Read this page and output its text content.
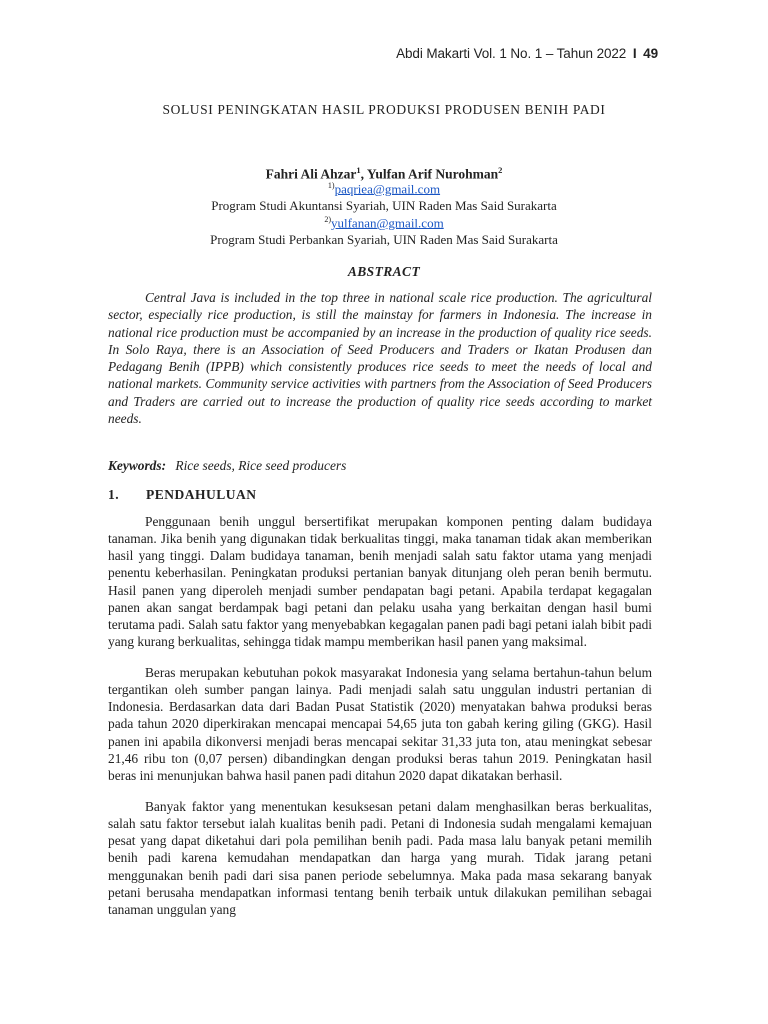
Abdi Makarti Vol. 1 No. 1 – Tahun 2022 I 49
SOLUSI PENINGKATAN HASIL PRODUKSI PRODUSEN BENIH PADI
Fahri Ali Ahzar$^1$, Yulfan Arif Nurohman$^2$
$^{1)}$paqriea@gmail.com
Program Studi Akuntansi Syariah, UIN Raden Mas Said Surakarta
$^{2)}$yulfanan@gmail.com
Program Studi Perbankan Syariah, UIN Raden Mas Said Surakarta
ABSTRACT

Central Java is included in the top three in national scale rice production. The agricultural sector, especially rice production, is still the mainstay for farmers in Indonesia. The increase in national rice production must be accompanied by an increase in the production of quality rice seeds. In Solo Raya, there is an Association of Seed Producers and Traders or Ikatan Produsen dan Pedagang Benih (IPPB) which consistently produces rice seeds to meet the needs of local and national markets. Community service activities with partners from the Association of Seed Producers and Traders are carried out to increase the production of quality rice seeds according to market needs.

Keywords: Rice seeds, Rice seed producers
1. PENDAHULUAN

Penggunaan benih unggul bersertifikat merupakan komponen penting dalam budidaya tanaman. Jika benih yang digunakan tidak berkualitas tinggi, maka tanaman tidak akan memberikan hasil yang tinggi. Dalam budidaya tanaman, benih menjadi salah satu faktor utama yang menjadi penentu keberhasilan. Peningkatan produksi pertanian banyak ditunjang oleh peran benih bermutu. Hasil panen yang diperoleh menjadi sumber pendapatan bagi petani. Apabila terdapat kegagalan panen akan sangat berdampak bagi petani dan pelaku usaha yang berkaitan dengan hasil bumi terutama padi. Salah satu faktor yang menyebabkan kegagalan panen padi bagi petani ialah bibit padi yang kurang berkualitas, sehingga tidak mampu memberikan hasil panen yang maksimal.

Beras merupakan kebutuhan pokok masyarakat Indonesia yang selama bertahun-tahun belum tergantikan oleh sumber pangan lainya. Padi menjadi salah satu unggulan industri pertanian di Indonesia. Berdasarkan data dari Badan Pusat Statistik (2020) menyatakan bahwa produksi beras pada tahun 2020 diperkirakan mencapai mencapai 54,65 juta ton gabah kering giling (GKG). Hasil panen ini apabila dikonversi menjadi beras mencapai sekitar 31,33 juta ton, atau meningkat sebesar 21,46 ribu ton (0,07 persen) dibandingkan dengan produksi beras tahun 2019. Peningkatan hasil beras ini menunjukan bahwa hasil panen padi ditahun 2020 dapat dikatakan berhasil.

Banyak faktor yang menentukan kesuksesan petani dalam menghasilkan beras berkualitas, salah satu faktor tersebut ialah kualitas benih padi. Petani di Indonesia sudah mengalami kemajuan pesat yang dapat diketahui dari pola pemilihan benih padi. Pada masa lalu banyak petani memilih benih padi karena kemudahan mendapatkan dan harga yang murah. Tidak jarang petani menggunakan benih padi dari sisa panen periode sebelumnya. Maka pada masa sekarang banyak petani berusaha mendapatkan informasi tentang benih terbaik untuk dilakukan pemilihan sebagai tanaman unggulan yang
